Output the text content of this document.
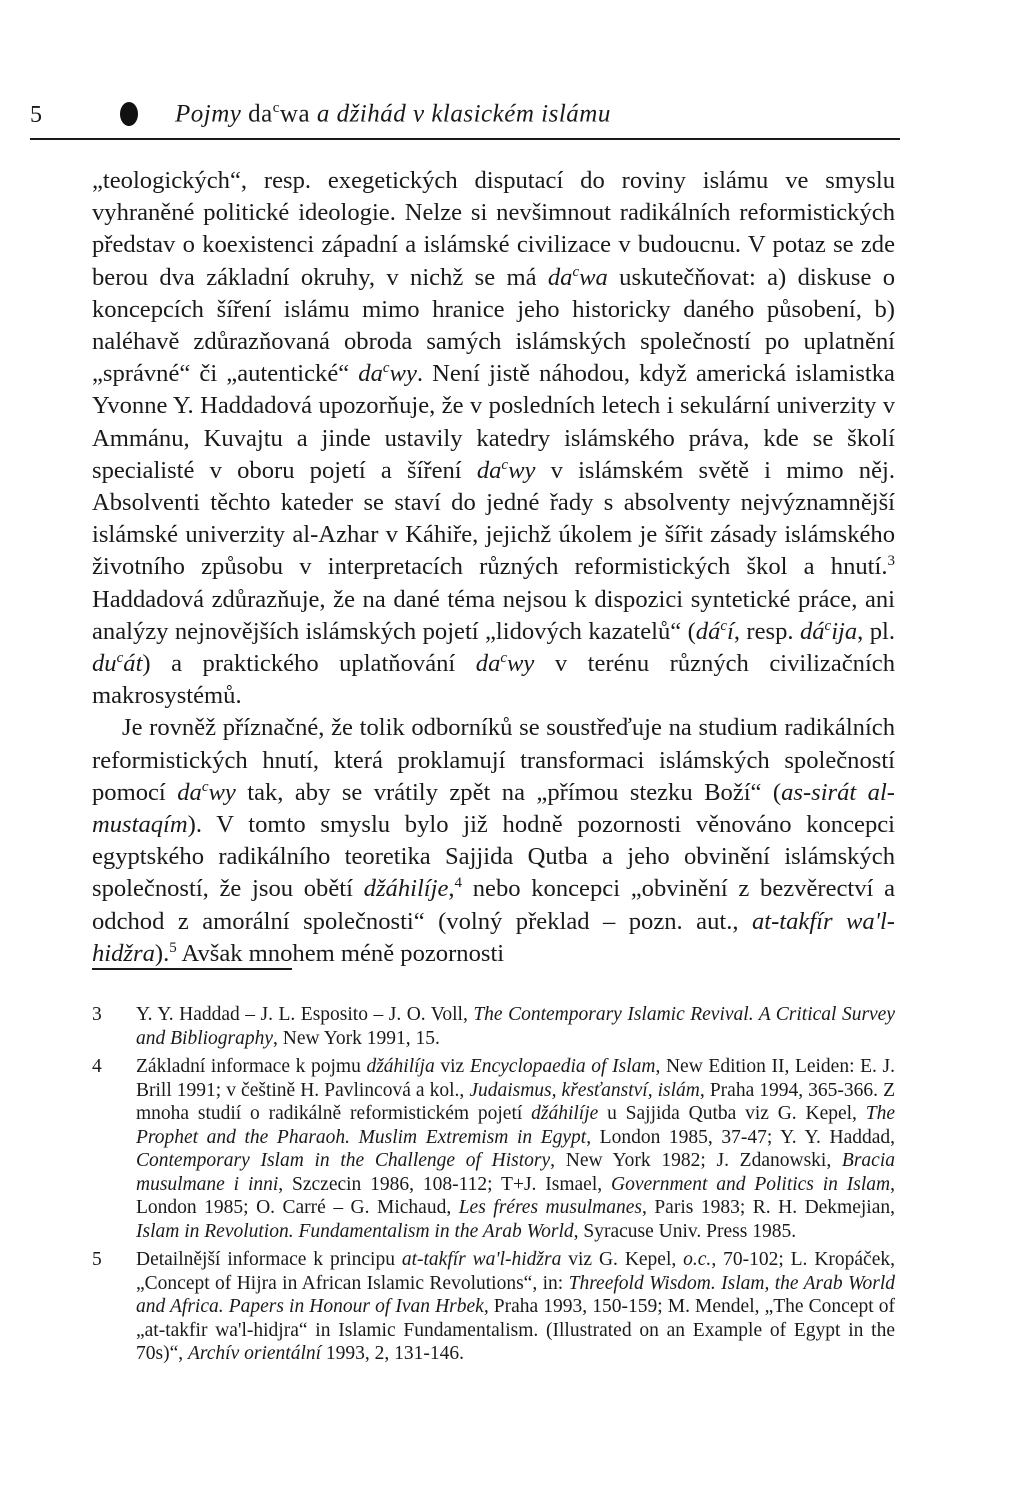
5	Pojmy $da^cwa$ a džihád v klasickém islámu

„teologických“, resp. exegetických disputací do roviny islámu ve smyslu vyhraněné politické ideologie. Nelze si nevšimnout radikálních reformistických představ o koexistenci západní a islámské civilizace v budoucnu. V potaz se zde berou dva základní okruhy, v nichž se má $da^cwa$ uskutečňovat: a) diskuse o koncepcích šíření islámu mimo hranice jeho historicky daného působení, b) naléhavě zdůrazňovaná obroda samých islámských společností po uplatnění „správné“ či „autentické“ $da^cwy$. Není jistě náhodou, když americká islamistka Yvonne Y. Haddadová upozorňuje, že v posledních letech i sekulární univerzity v Ammánu, Kuvajtu a jinde ustavily katedry islámského práva, kde se školí specialisté v oboru pojetí a šíření $da^cwy$ v islámském světě i mimo něj. Absolventi těchto kateder se staví do jedné řady s absolventy nejvýznamnější islámské univerzity al-Azhar v Káhiře, jejichž úkolem je šířit zásady islámského životního způsobu v interpretacích různých reformistických škol a hnutí.$^3$ Haddadová zdůrazňuje, že na dané téma nejsou k dispozici syntetické práce, ani analýzy nejnovějších islámských pojetí „lidových kazatelů“ ($dá^cí$, resp. $dá^cija$, pl. $du^cát$) a praktického uplatňování $da^cwy$ v terénu různých civilizačních makrosystémů.

Je rovněž příznačné, že tolik odborníků se soustřeďuje na studium radikálních reformistických hnutí, která proklamují transformaci islámských společností pomocí $da^cwy$ tak, aby se vrátily zpět na „přímou stezku Boží“ (as-sirát al-mustaqím). V tomto smyslu bylo již hodně pozornosti věnováno koncepci egyptského radikálního teoretika Sajjida Qutba a jeho obvinění islámských společností, že jsou obětí džáhilíje,$^4$ nebo koncepci „obvinění z bezvěrectví a odchod z amorální společnosti“ (volný překlad – pozn. aut., at-takfír wa'l-hidžra).$^5$ Avšak mnohem méně pozornosti

3 Y. Y. Haddad – J. L. Esposito – J. O. Voll, The Contemporary Islamic Revival. A Critical Survey and Bibliography, New York 1991, 15.
4 Základní informace k pojmu džáhilíja viz Encyclopaedia of Islam, New Edition II, Leiden: E. J. Brill 1991; v češtině H. Pavlincová a kol., Judaismus, křesťanství, islám, Praha 1994, 365-366. Z mnoha studií o radikálně reformistickém pojetí džáhilíje u Sajjida Qutba viz G. Kepel, The Prophet and the Pharaoh. Muslim Extremism in Egypt, London 1985, 37-47; Y. Y. Haddad, Contemporary Islam in the Challenge of History, New York 1982; J. Zdanowski, Bracia musulmane i inni, Szczecin 1986, 108-112; T+J. Ismael, Government and Politics in Islam, London 1985; O. Carré – G. Michaud, Les fréres musulmanes, Paris 1983; R. H. Dekmejian, Islam in Revolution. Fundamentalism in the Arab World, Syracuse Univ. Press 1985.
5 Detailnější informace k principu at-takfír wa'l-hidžra viz G. Kepel, o.c., 70-102; L. Kropáček, „Concept of Hijra in African Islamic Revolutions“, in: Threefold Wisdom. Islam, the Arab World and Africa. Papers in Honour of Ivan Hrbek, Praha 1993, 150-159; M. Mendel, „The Concept of „at-takfir wa'l-hidjra“ in Islamic Fundamentalism. (Illustrated on an Example of Egypt in the 70s)“, Archív orientální 1993, 2, 131-146.
